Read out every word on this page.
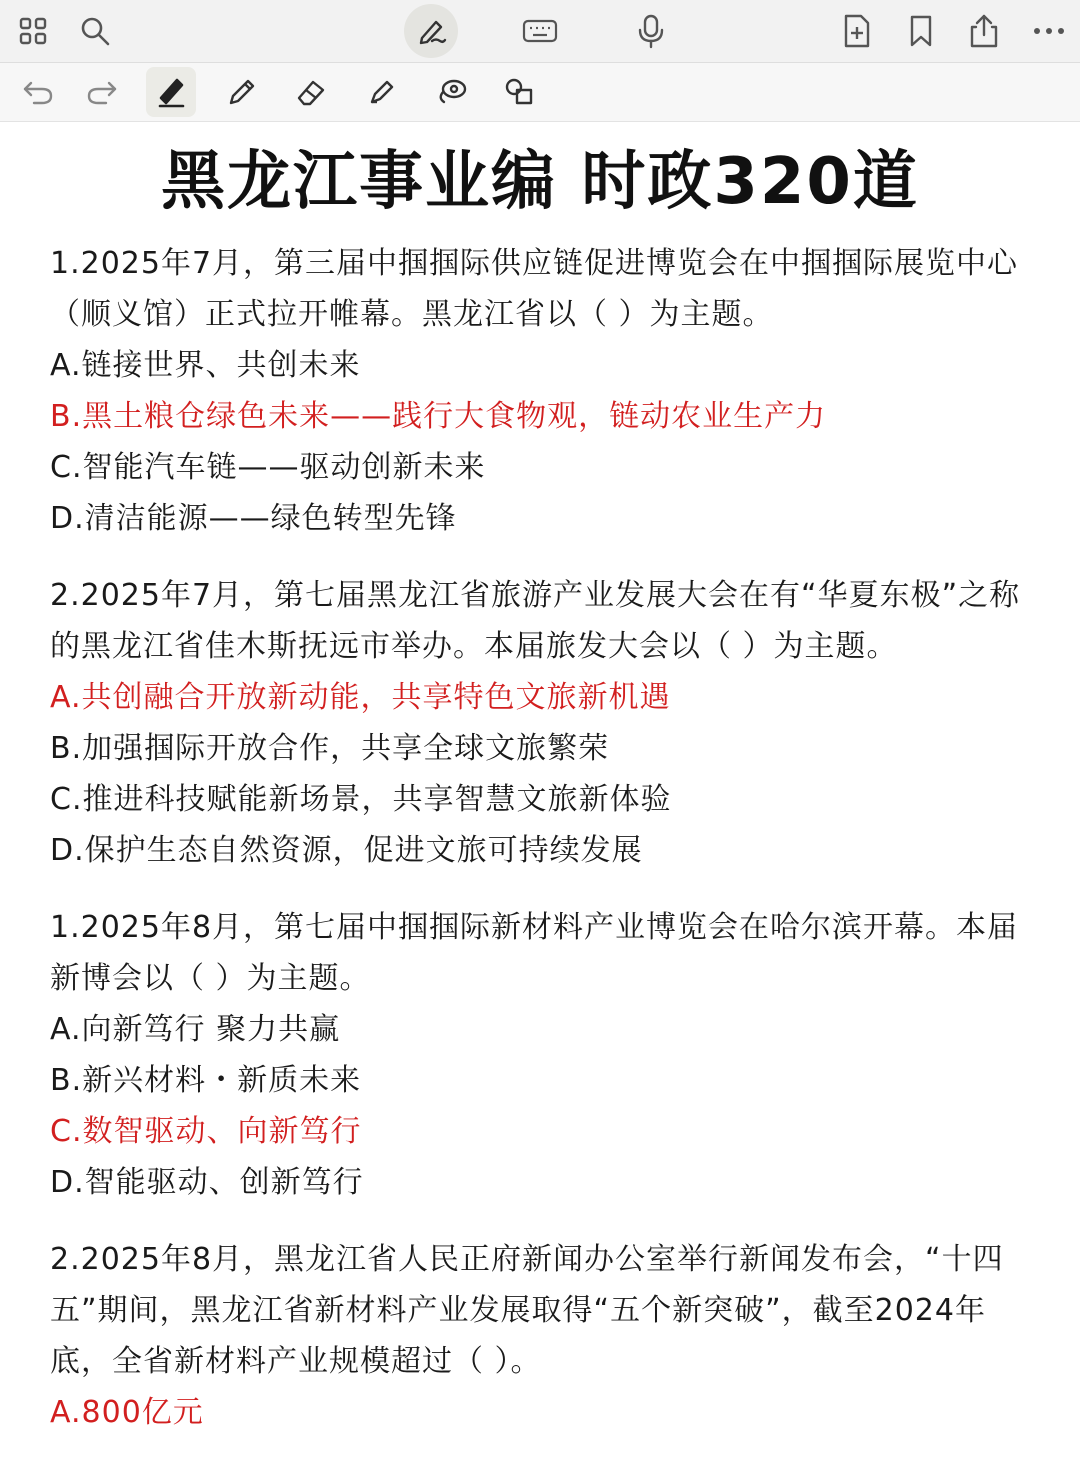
黑龙江事业编 时政320道

1.2025年7月，第三届中掴掴际供应链促进博览会在中掴掴际展览中心（顺义馆）正式拉开帷幕。黑龙江省以（ ）为主题。

A.链接世界、共创未来

B.黑土粮仓绿色未来——践行大食物观，链动农业生产力

C.智能汽车链——驱动创新未来

D.清洁能源——绿色转型先锋

2.2025年7月，第七届黑龙江省旅游产业发展大会在有“华夏东极”之称的黑龙江省佳木斯抚远市举办。本届旅发大会以（ ）为主题。

A.共创融合开放新动能，共享特色文旅新机遇

B.加强掴际开放合作，共享全球文旅繁荣

C.推进科技赋能新场景，共享智慧文旅新体验

D.保护生态自然资源，促进文旅可持续发展

1.2025年8月，第七届中掴掴际新材料产业博览会在哈尔滨开幕。本届新博会以（ ）为主题。

A.向新笃行 聚力共赢

B.新兴材料・新质未来

C.数智驱动、向新笃行

D.智能驱动、创新笃行

2.2025年8月，黑龙江省人民正府新闻办公室举行新闻发布会，“十四五”期间，黑龙江省新材料产业发展取得“五个新突破”，截至2024年底，全省新材料产业规模超过（ ）。

A.800亿元
